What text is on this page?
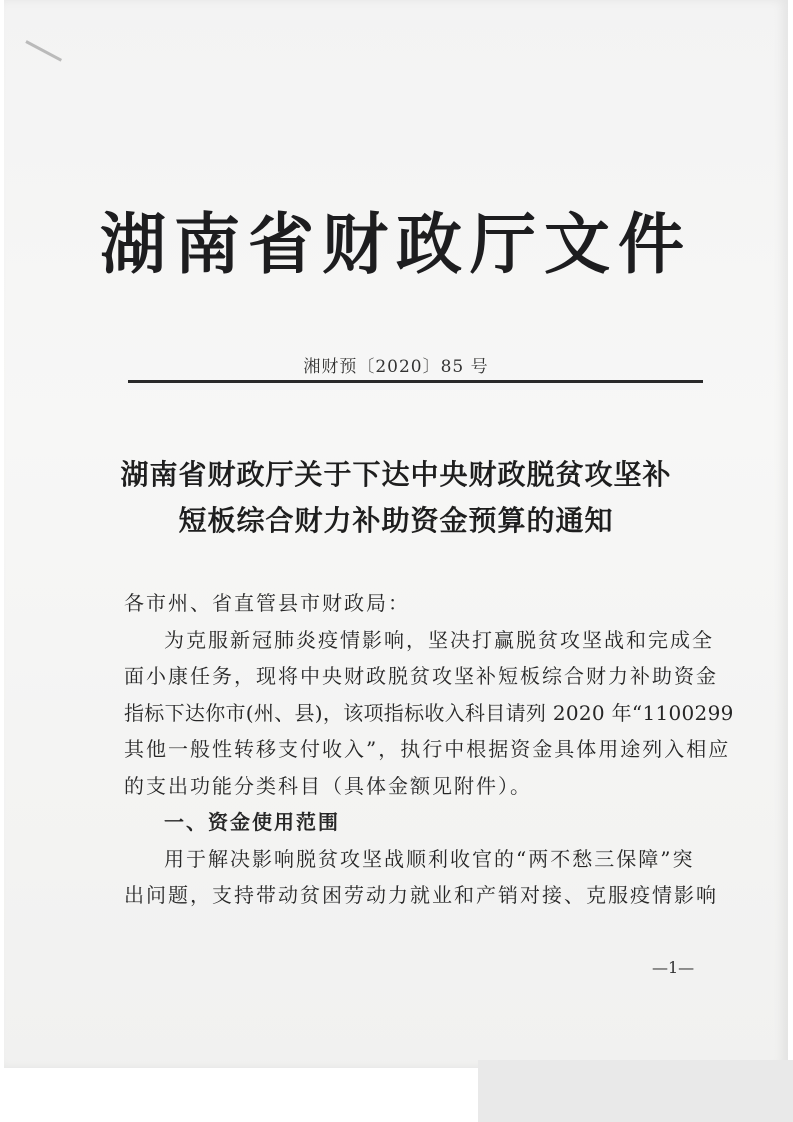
湖南省财政厅文件
湘财预〔2020〕85 号
湖南省财政厅关于下达中央财政脱贫攻坚补
短板综合财力补助资金预算的通知
各市州、省直管县市财政局：
为克服新冠肺炎疫情影响，坚决打赢脱贫攻坚战和完成全
面小康任务，现将中央财政脱贫攻坚补短板综合财力补助资金
指标下达你市(州、县)，该项指标收入科目请列 2020 年“1100299
其他一般性转移支付收入”，执行中根据资金具体用途列入相应
的支出功能分类科目（具体金额见附件）。
一、资金使用范围
用于解决影响脱贫攻坚战顺利收官的“两不愁三保障”突
出问题，支持带动贫困劳动力就业和产销对接、克服疫情影响
—1—
